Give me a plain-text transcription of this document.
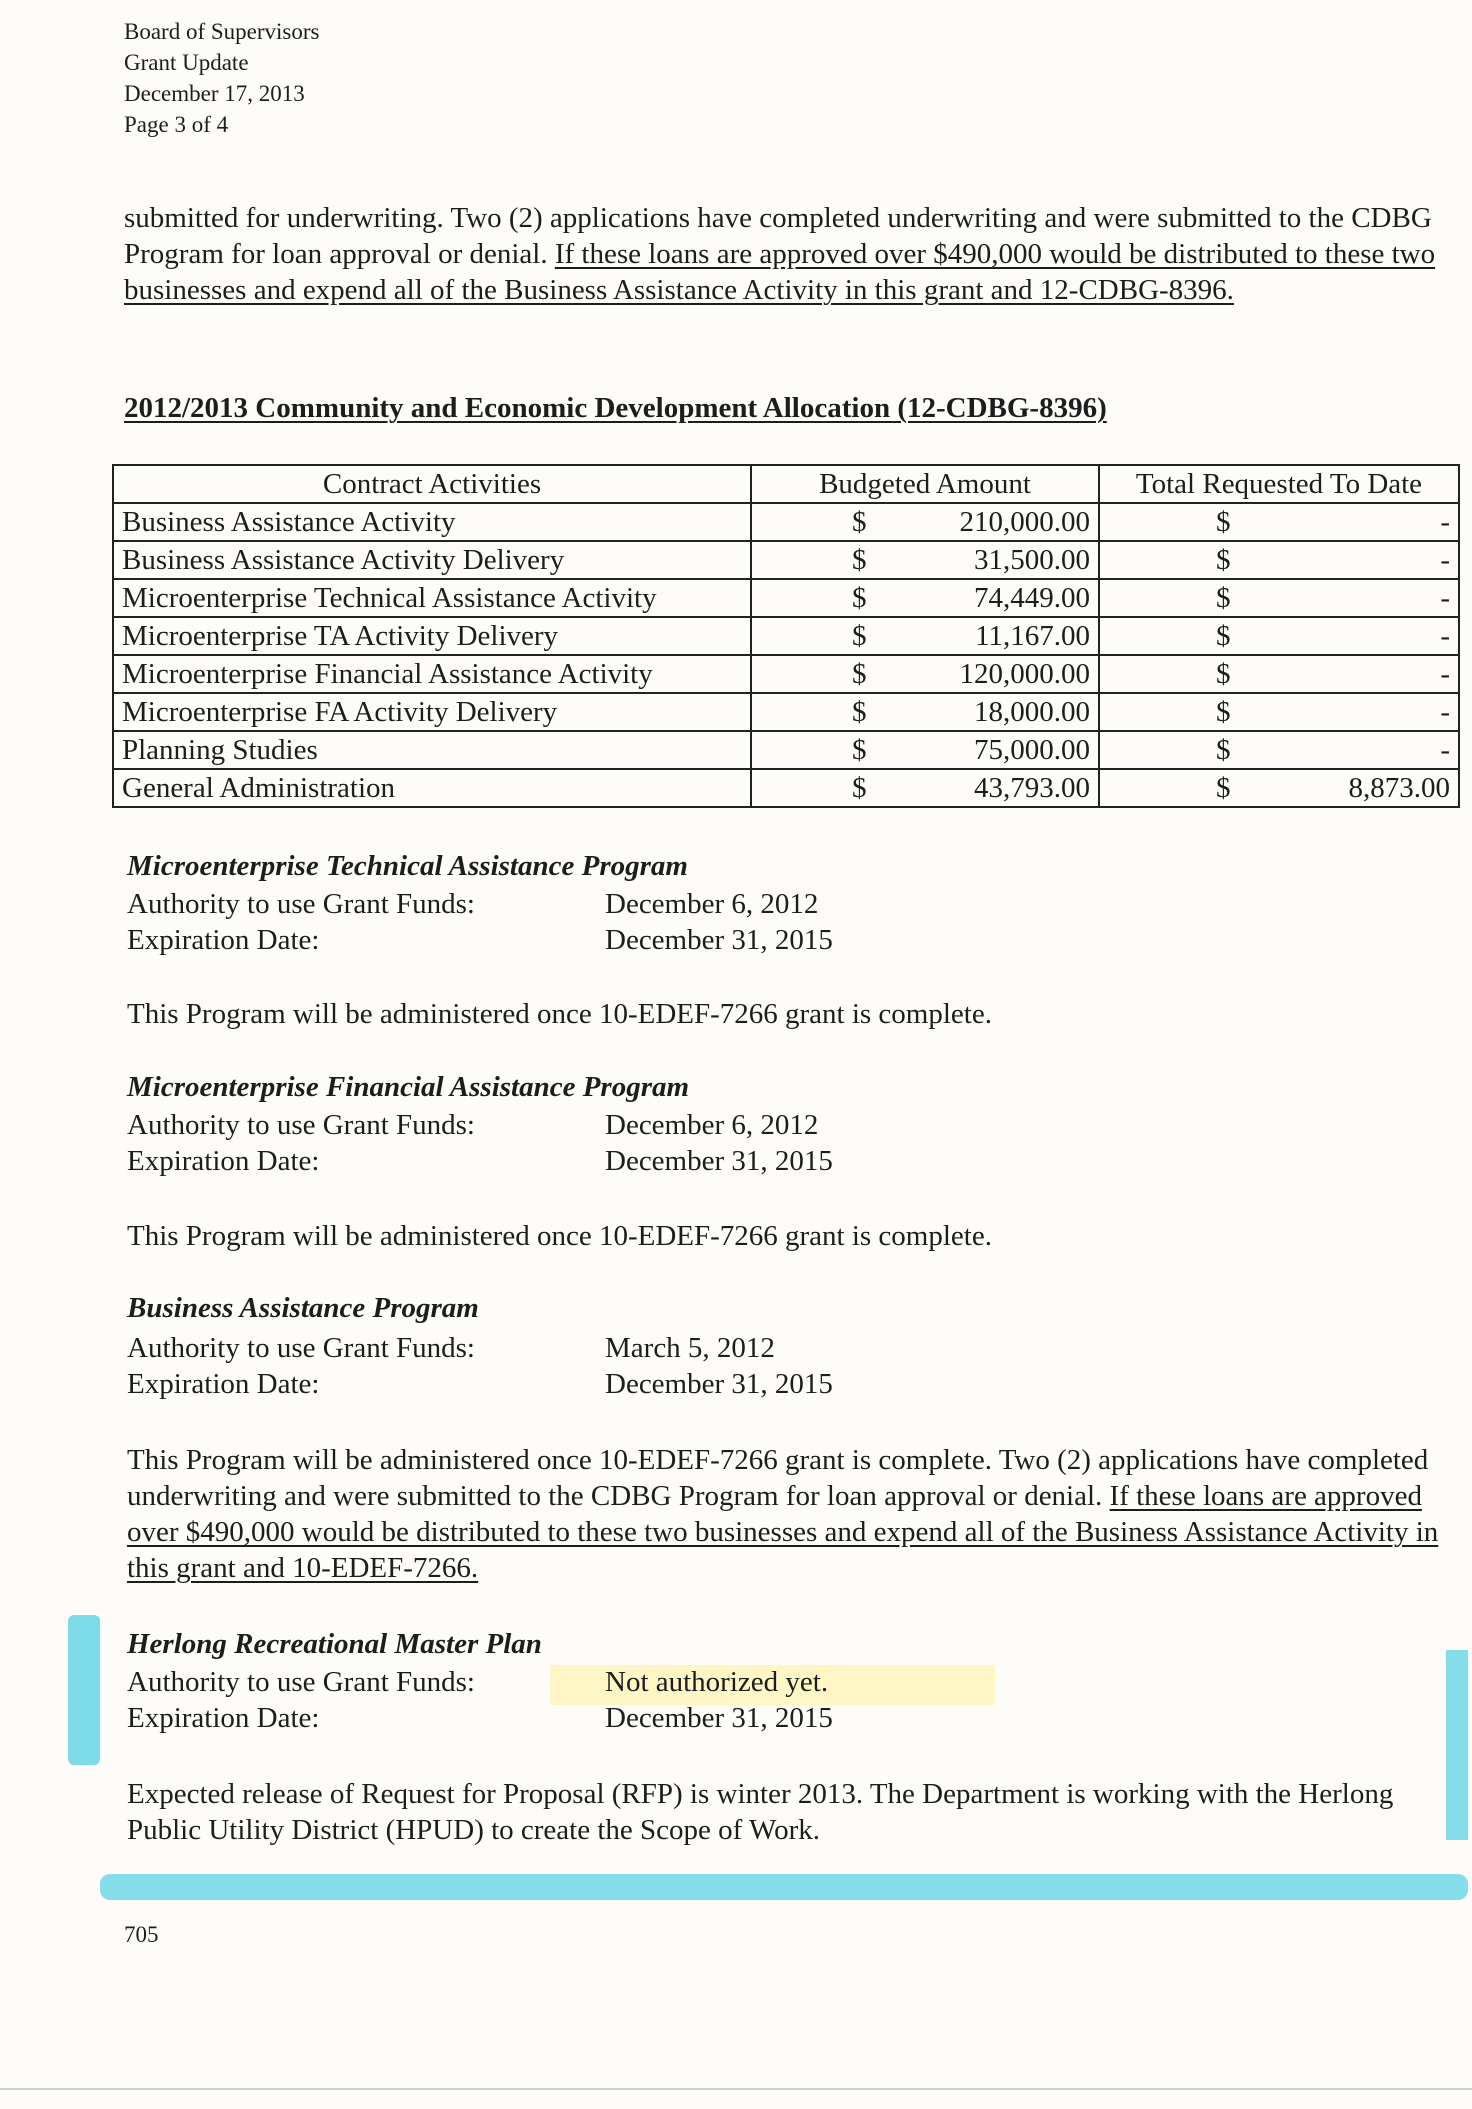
Board of Supervisors
Grant Update
December 17, 2013
Page 3 of 4
submitted for underwriting. Two (2) applications have completed underwriting and were submitted to the CDBG Program for loan approval or denial. If these loans are approved over $490,000 would be distributed to these two businesses and expend all of the Business Assistance Activity in this grant and 12-CDBG-8396.
2012/2013 Community and Economic Development Allocation (12-CDBG-8396)
Contract Activities	Budgeted Amount	Total Requested To Date
Business Assistance Activity	$ 210,000.00	$ -

Business Assistance Activity Delivery	$ 31,500.00	$ -

Microenterprise Technical Assistance Activity	$ 74,449.00	$ -

Microenterprise TA Activity Delivery	$ 11,167.00	$ -

Microenterprise Financial Assistance Activity	$ 120,000.00	$ -

Microenterprise FA Activity Delivery	$ 18,000.00	$ -

Planning Studies	$ 75,000.00	$ -

General Administration	$ 43,793.00	$ 8,873.00
Microenterprise Technical Assistance Program
Authority to use Grant Funds:	December 6, 2012
Expiration Date:	December 31, 2015
This Program will be administered once 10-EDEF-7266 grant is complete.
Microenterprise Financial Assistance Program
Authority to use Grant Funds:	December 6, 2012
Expiration Date:	December 31, 2015
This Program will be administered once 10-EDEF-7266 grant is complete.
Business Assistance Program
Authority to use Grant Funds:	March 5, 2012
Expiration Date:	December 31, 2015
This Program will be administered once 10-EDEF-7266 grant is complete. Two (2) applications have completed underwriting and were submitted to the CDBG Program for loan approval or denial. If these loans are approved over $490,000 would be distributed to these two businesses and expend all of the Business Assistance Activity in this grant and 10-EDEF-7266.
Herlong Recreational Master Plan
Authority to use Grant Funds:	Not authorized yet.
Expiration Date:	December 31, 2015
Expected release of Request for Proposal (RFP) is winter 2013. The Department is working with the Herlong Public Utility District (HPUD) to create the Scope of Work.
705
